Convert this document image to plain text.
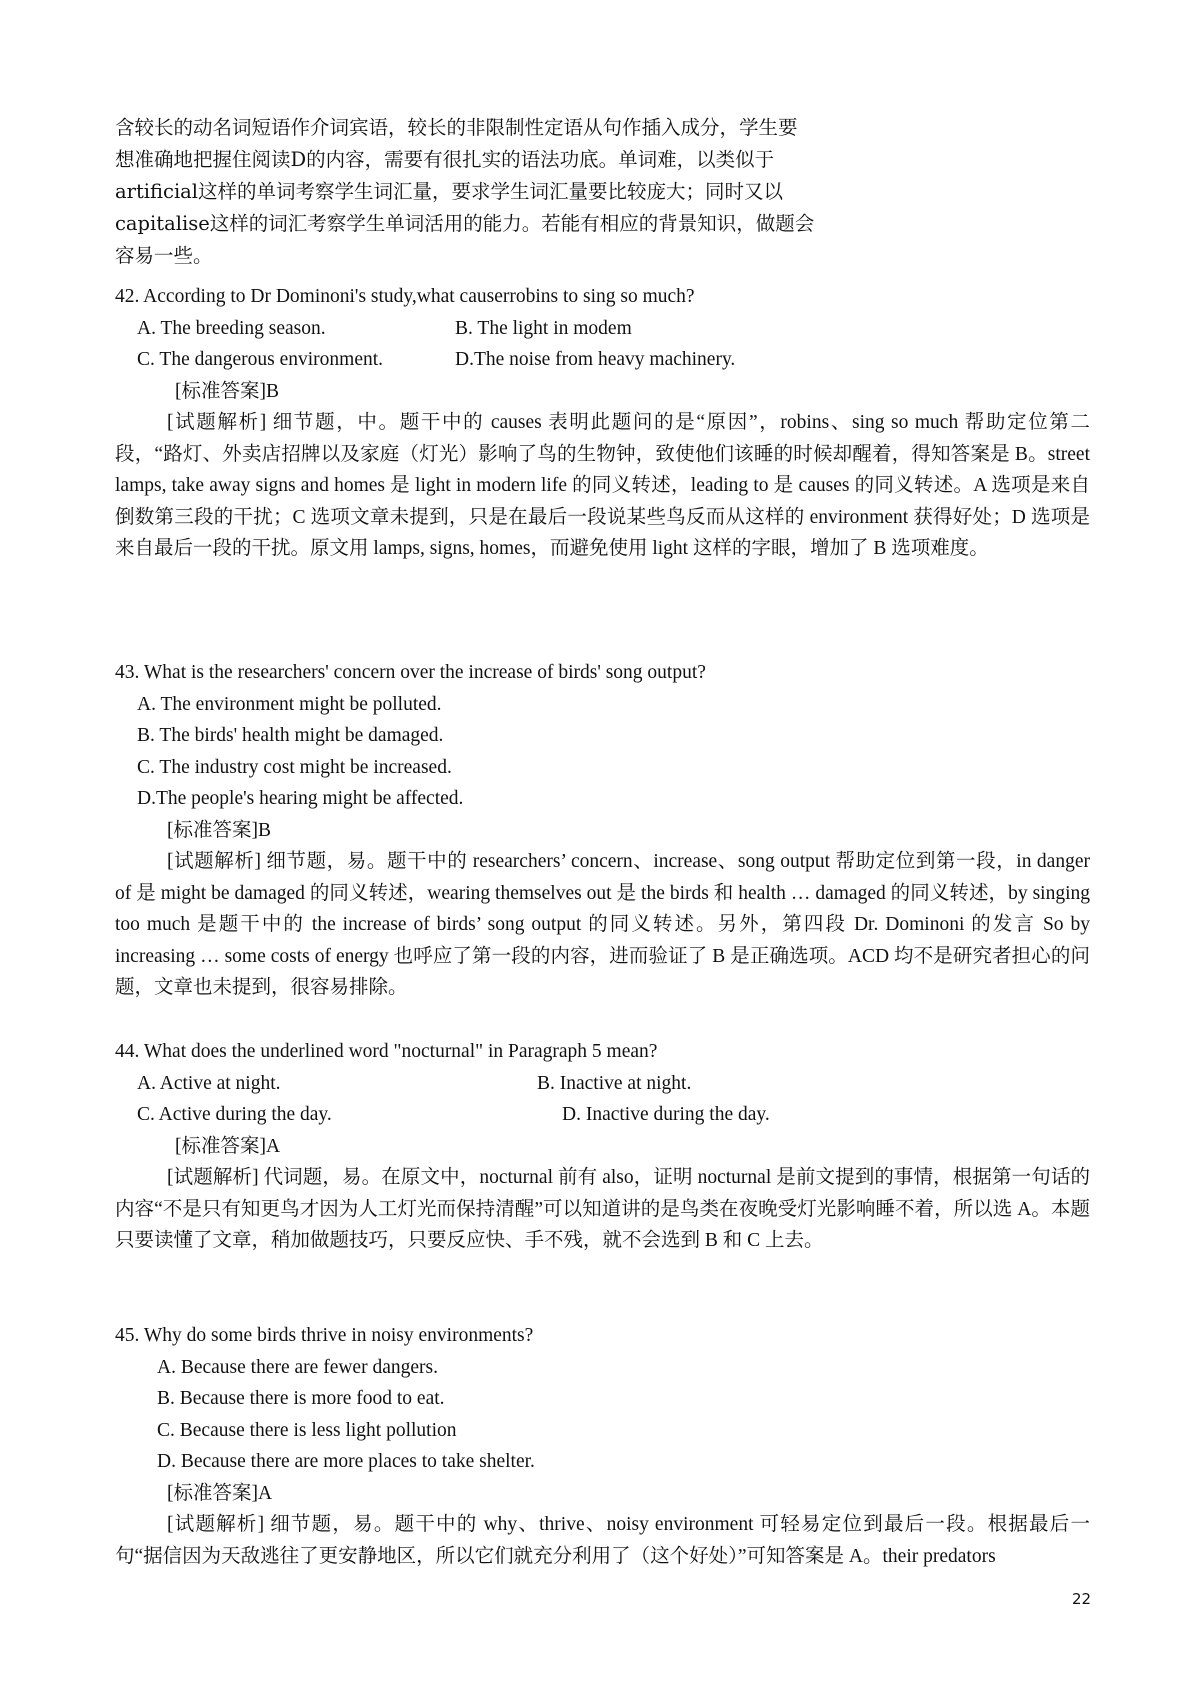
含较长的动名词短语作介词宾语，较长的非限制性定语从句作插入成分，学生要
想准确地把握住阅读D的内容，需要有很扎实的语法功底。单词难，以类似于
artificial这样的单词考察学生词汇量，要求学生词汇量要比较庞大；同时又以
capitalise这样的词汇考察学生单词活用的能力。若能有相应的背景知识，做题会
容易一些。
42. According to Dr Dominoni's study,what causerrobins to sing so much?
A. The breeding season.	B. The light in modem
C. The dangerous environment.	D.The noise from heavy machinery.
[标准答案]B
[试题解析] 细节题，中。题干中的 causes 表明此题问的是“原因”，robins、sing so much 帮助定位第二段，“路灯、外卖店招牌以及家庭（灯光）影响了鸟的生物钟，致使他们该睡的时候却醒着，得知答案是 B。street lamps, take away signs and homes 是 light in modern life 的同义转述，leading to 是 causes 的同义转述。A 选项是来自倒数第三段的干扰；C 选项文章未提到，只是在最后一段说某些鸟反而从这样的 environment 获得好处；D 选项是来自最后一段的干扰。原文用 lamps, signs, homes，而避免使用 light 这样的字眼，增加了 B 选项难度。
43. What is the researchers' concern over the increase of birds' song output?
A. The environment might be polluted.
B. The birds' health might be damaged.
C. The industry cost might be increased.
D.The people's hearing might be affected.
[标准答案]B
[试题解析] 细节题，易。题干中的 researchers’ concern、increase、song output 帮助定位到第一段，in danger of 是 might be damaged 的同义转述，wearing themselves out 是 the birds 和 health … damaged 的同义转述，by singing too much 是题干中的 the increase of birds’ song output 的同义转述。另外，第四段 Dr. Dominoni 的发言 So by increasing … some costs of energy 也呼应了第一段的内容，进而验证了 B 是正确选项。ACD 均不是研究者担心的问题，文章也未提到，很容易排除。
44. What does the underlined word "nocturnal" in Paragraph 5 mean?
A. Active at night.	B. Inactive at night.
C. Active during the day.	D. Inactive during the day.
[标准答案]A
[试题解析] 代词题，易。在原文中，nocturnal 前有 also，证明 nocturnal 是前文提到的事情，根据第一句话的内容“不是只有知更鸟才因为人工灯光而保持清醒”可以知道讲的是鸟类在夜晚受灯光影响睡不着，所以选 A。本题只要读懂了文章，稍加做题技巧，只要反应快、手不残，就不会选到 B 和 C 上去。
45. Why do some birds thrive in noisy environments?
A. Because there are fewer dangers.
B. Because there is more food to eat.
C. Because there is less light pollution
D. Because there are more places to take shelter.
[标准答案]A
[试题解析] 细节题，易。题干中的 why、thrive、noisy environment 可轻易定位到最后一段。根据最后一句“据信因为天敌逃往了更安静地区，所以它们就充分利用了（这个好处）”可知答案是 A。their predators
22
